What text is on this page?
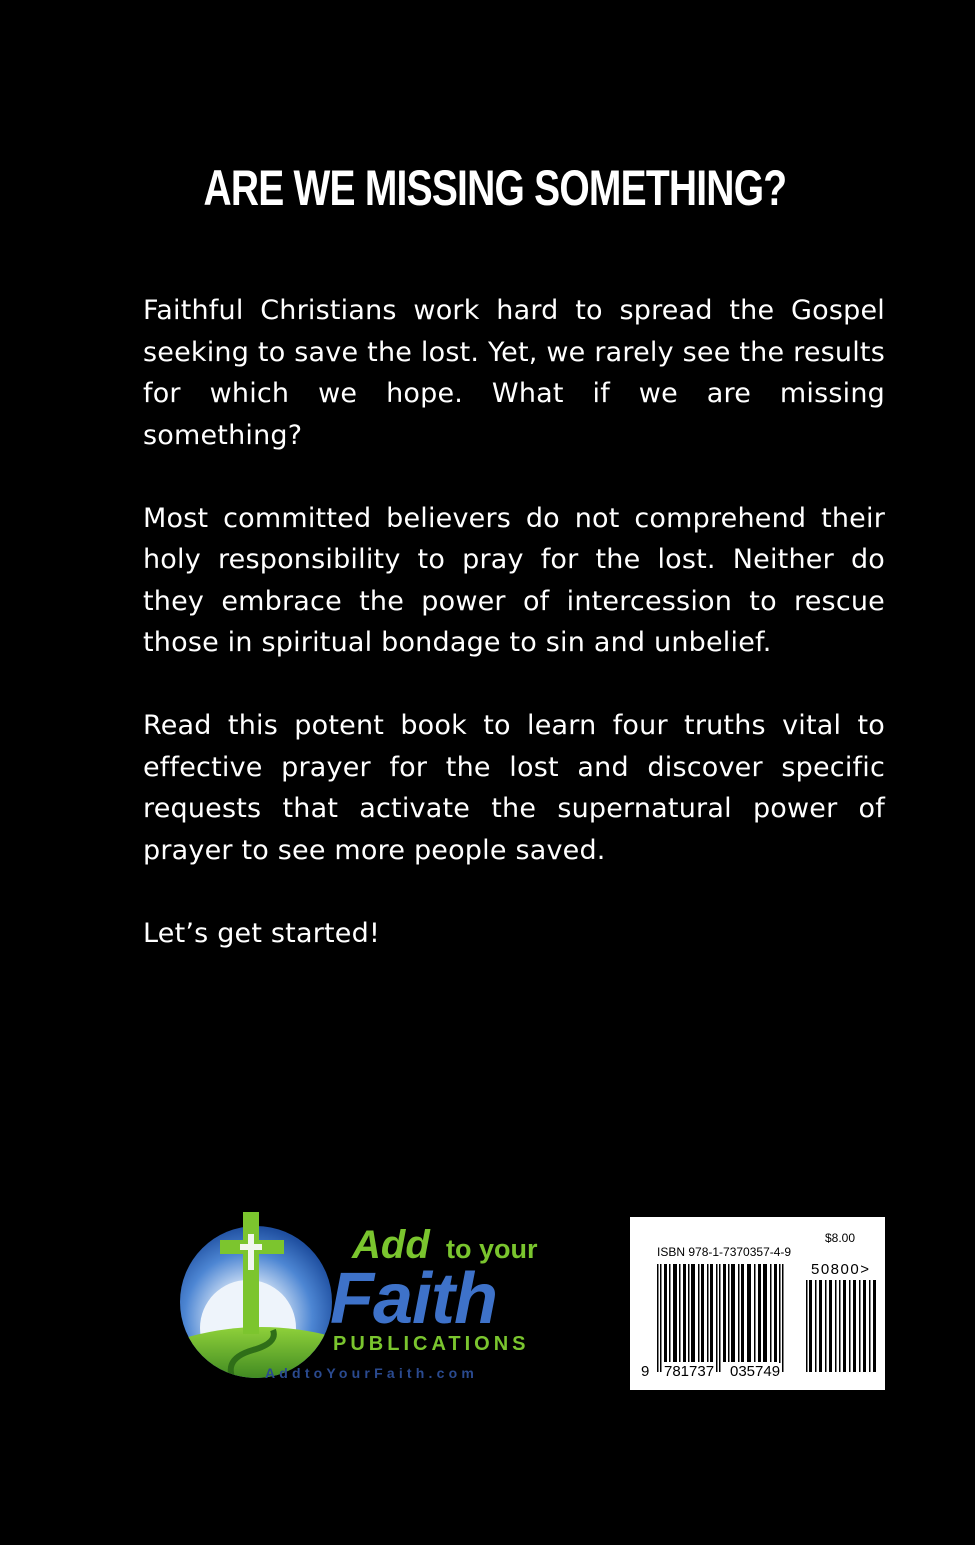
ARE WE MISSING SOMETHING?

Faithful Christians work hard to spread the Gospel seeking to save the lost. Yet, we rarely see the results for which we hope. What if we are missing something?

Most committed believers do not comprehend their holy responsibility to pray for the lost. Neither do they embrace the power of intercession to rescue those in spiritual bondage to sin and unbelief.

Read this potent book to learn four truths vital to effective prayer for the lost and discover specific requests that activate the supernatural power of prayer to see more people saved.

Let’s get started!

Add to your
Faith
PUBLICATIONS
AddtoYourFaith.com
$8.00
ISBN 978-1-7370357-4-9
50800>
9 781737 035749
